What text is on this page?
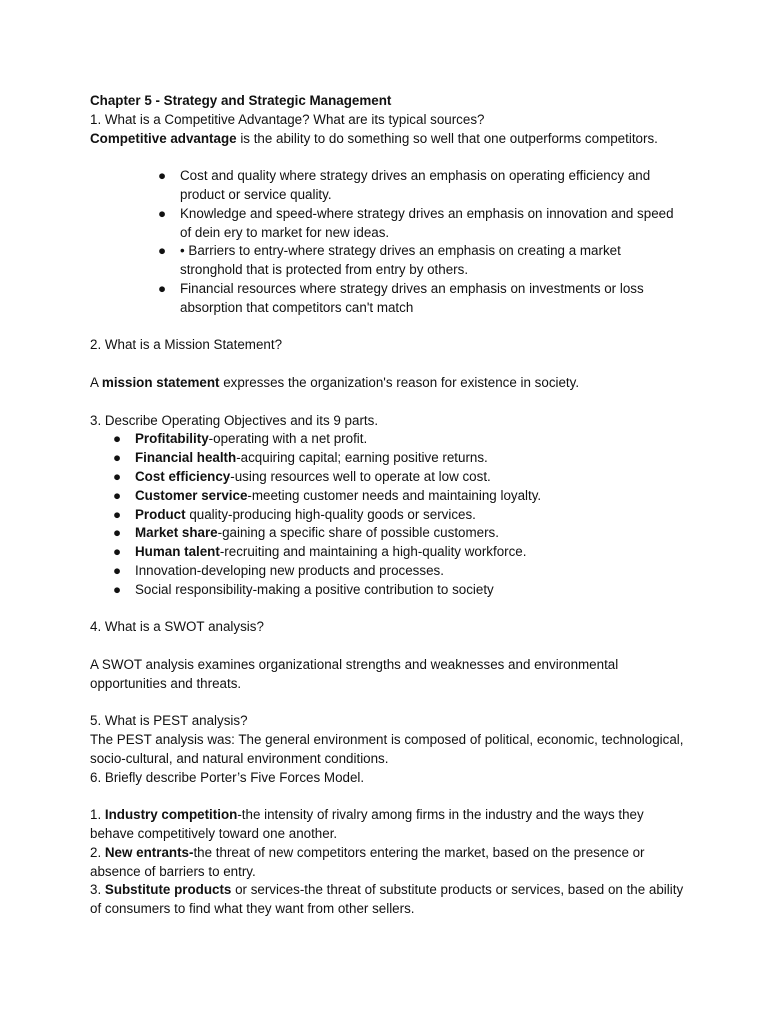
Chapter 5 - Strategy and Strategic Management

1. What is a Competitive Advantage? What are its typical sources?

Competitive advantage is the ability to do something so well that one outperforms competitors.

● Cost and quality where strategy drives an emphasis on operating efficiency and product or service quality.
● Knowledge and speed-where strategy drives an emphasis on innovation and speed of dein ery to market for new ideas.
● • Barriers to entry-where strategy drives an emphasis on creating a market stronghold that is protected from entry by others.
● Financial resources where strategy drives an emphasis on investments or loss absorption that competitors can't match

2. What is a Mission Statement?

A mission statement expresses the organization's reason for existence in society.

3. Describe Operating Objectives and its 9 parts.

● Profitability-operating with a net profit.
● Financial health-acquiring capital; earning positive returns.
● Cost efficiency-using resources well to operate at low cost.
● Customer service-meeting customer needs and maintaining loyalty.
● Product quality-producing high-quality goods or services.
● Market share-gaining a specific share of possible customers.
● Human talent-recruiting and maintaining a high-quality workforce.
● Innovation-developing new products and processes.
● Social responsibility-making a positive contribution to society

4. What is a SWOT analysis?

A SWOT analysis examines organizational strengths and weaknesses and environmental opportunities and threats.

5. What is PEST analysis?

The PEST analysis was: The general environment is composed of political, economic, technological, socio-cultural, and natural environment conditions.

6. Briefly describe Porter’s Five Forces Model.

1. Industry competition-the intensity of rivalry among firms in the industry and the ways they behave competitively toward one another.

2. New entrants-the threat of new competitors entering the market, based on the presence or absence of barriers to entry.

3. Substitute products or services-the threat of substitute products or services, based on the ability of consumers to find what they want from other sellers.
